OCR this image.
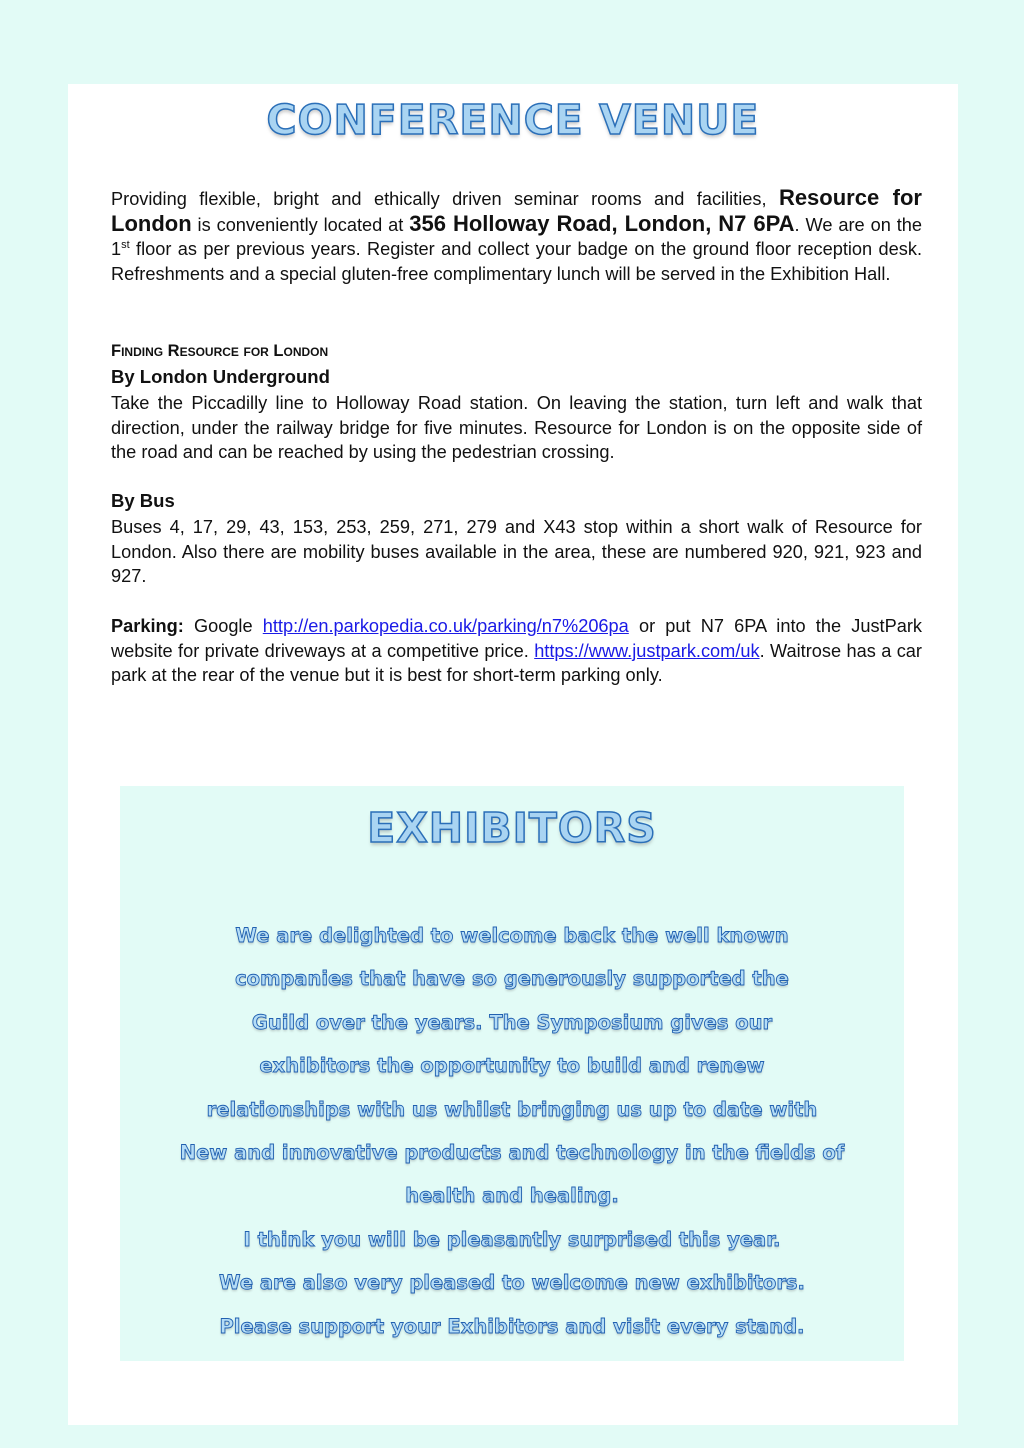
CONFERENCE VENUE

Providing flexible, bright and ethically driven seminar rooms and facilities, Resource for London is conveniently located at 356 Holloway Road, London, N7 6PA. We are on the 1st floor as per previous years. Register and collect your badge on the ground floor reception desk. Refreshments and a special gluten-free complimentary lunch will be served in the Exhibition Hall.

Finding Resource for London
By London Underground

Take the Piccadilly line to Holloway Road station. On leaving the station, turn left and walk that direction, under the railway bridge for five minutes. Resource for London is on the opposite side of the road and can be reached by using the pedestrian crossing.

By Bus

Buses 4, 17, 29, 43, 153, 253, 259, 271, 279 and X43 stop within a short walk of Resource for London. Also there are mobility buses available in the area, these are numbered 920, 921, 923 and 927.

Parking: Google http://en.parkopedia.co.uk/parking/n7%206pa or put N7 6PA into the JustPark website for private driveways at a competitive price. https://www.justpark.com/uk. Waitrose has a car park at the rear of the venue but it is best for short-term parking only.

EXHIBITORS

We are delighted to welcome back the well known
companies that have so generously supported the
Guild over the years. The Symposium gives our
exhibitors the opportunity to build and renew
relationships with us whilst bringing us up to date with
New and innovative products and technology in the fields of
health and healing.
I think you will be pleasantly surprised this year.
We are also very pleased to welcome new exhibitors.
Please support your Exhibitors and visit every stand.
